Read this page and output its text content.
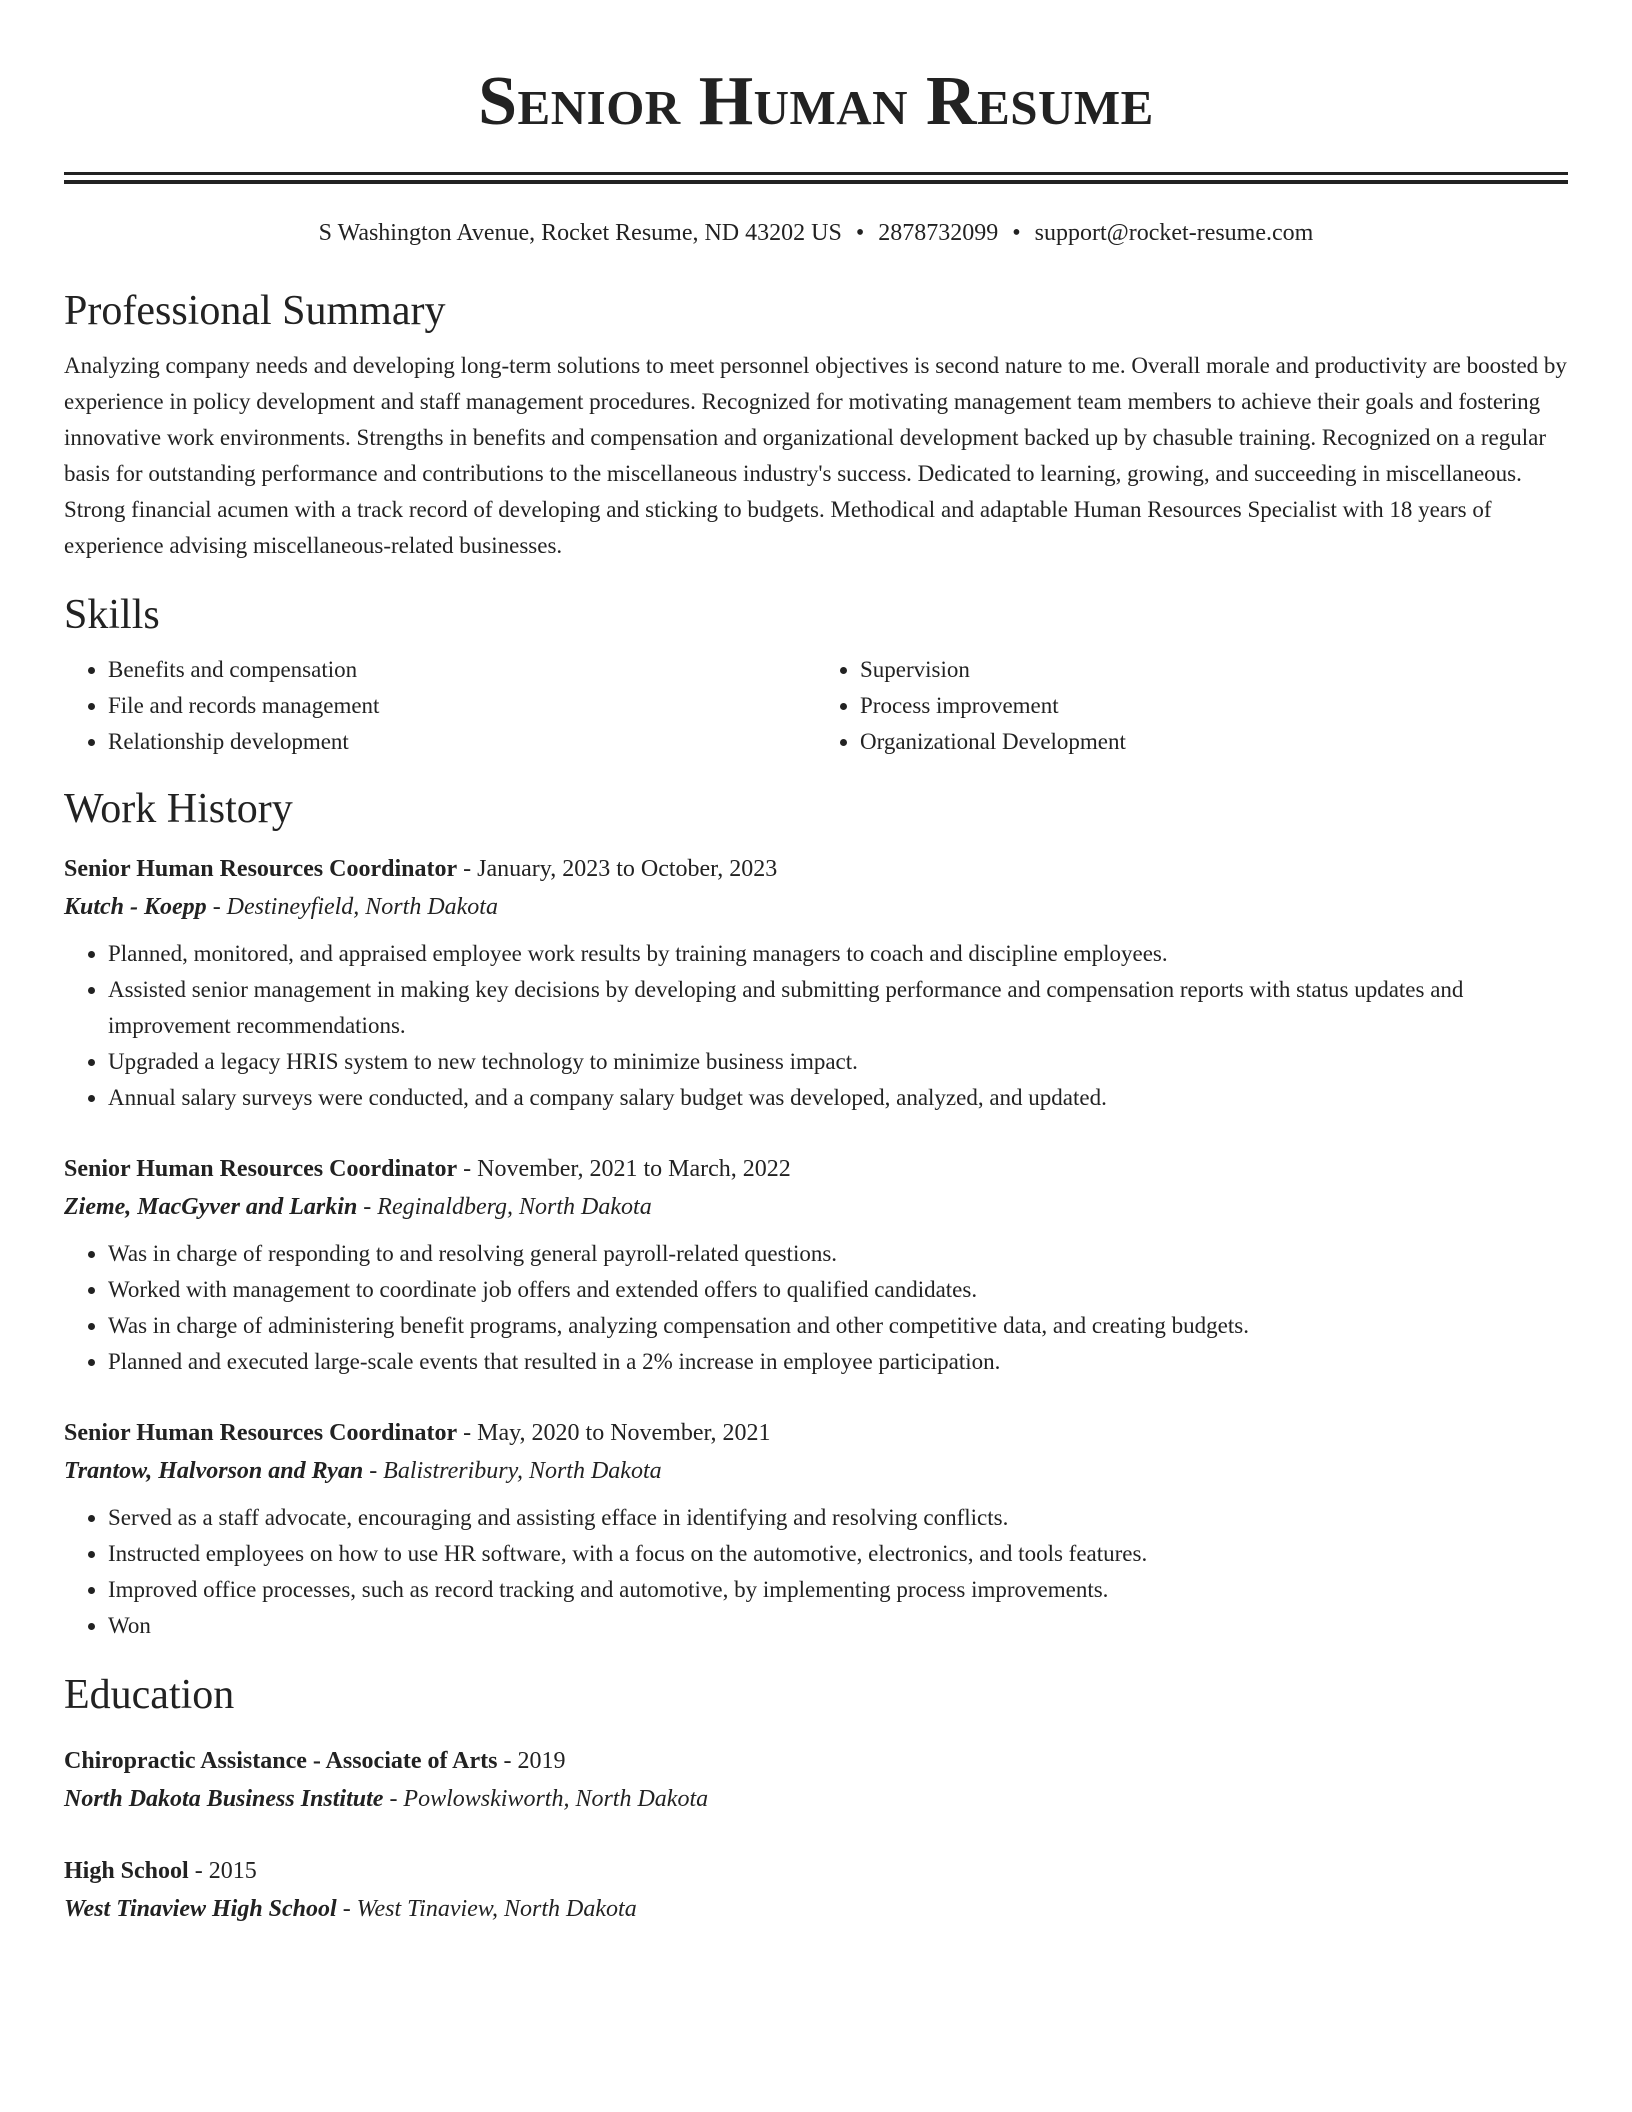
Senior Human Resume
S Washington Avenue, Rocket Resume, ND 43202 US • 2878732099 • support@rocket-resume.com
Professional Summary
Analyzing company needs and developing long-term solutions to meet personnel objectives is second nature to me. Overall morale and productivity are boosted by experience in policy development and staff management procedures. Recognized for motivating management team members to achieve their goals and fostering innovative work environments. Strengths in benefits and compensation and organizational development backed up by chasuble training. Recognized on a regular basis for outstanding performance and contributions to the miscellaneous industry's success. Dedicated to learning, growing, and succeeding in miscellaneous. Strong financial acumen with a track record of developing and sticking to budgets. Methodical and adaptable Human Resources Specialist with 18 years of experience advising miscellaneous-related businesses.
Skills
• Benefits and compensation
• File and records management
• Relationship development
• Supervision
• Process improvement
• Organizational Development
Work History
Senior Human Resources Coordinator - January, 2023 to October, 2023
Kutch - Koepp - Destineyfield, North Dakota
• Planned, monitored, and appraised employee work results by training managers to coach and discipline employees.
• Assisted senior management in making key decisions by developing and submitting performance and compensation reports with status updates and improvement recommendations.
• Upgraded a legacy HRIS system to new technology to minimize business impact.
• Annual salary surveys were conducted, and a company salary budget was developed, analyzed, and updated.
Senior Human Resources Coordinator - November, 2021 to March, 2022
Zieme, MacGyver and Larkin - Reginaldberg, North Dakota
• Was in charge of responding to and resolving general payroll-related questions.
• Worked with management to coordinate job offers and extended offers to qualified candidates.
• Was in charge of administering benefit programs, analyzing compensation and other competitive data, and creating budgets.
• Planned and executed large-scale events that resulted in a 2% increase in employee participation.
Senior Human Resources Coordinator - May, 2020 to November, 2021
Trantow, Halvorson and Ryan - Balistreribury, North Dakota
• Served as a staff advocate, encouraging and assisting efface in identifying and resolving conflicts.
• Instructed employees on how to use HR software, with a focus on the automotive, electronics, and tools features.
• Improved office processes, such as record tracking and automotive, by implementing process improvements.
• Won
Education
Chiropractic Assistance - Associate of Arts - 2019
North Dakota Business Institute - Powlowskiworth, North Dakota
High School - 2015
West Tinaview High School - West Tinaview, North Dakota
